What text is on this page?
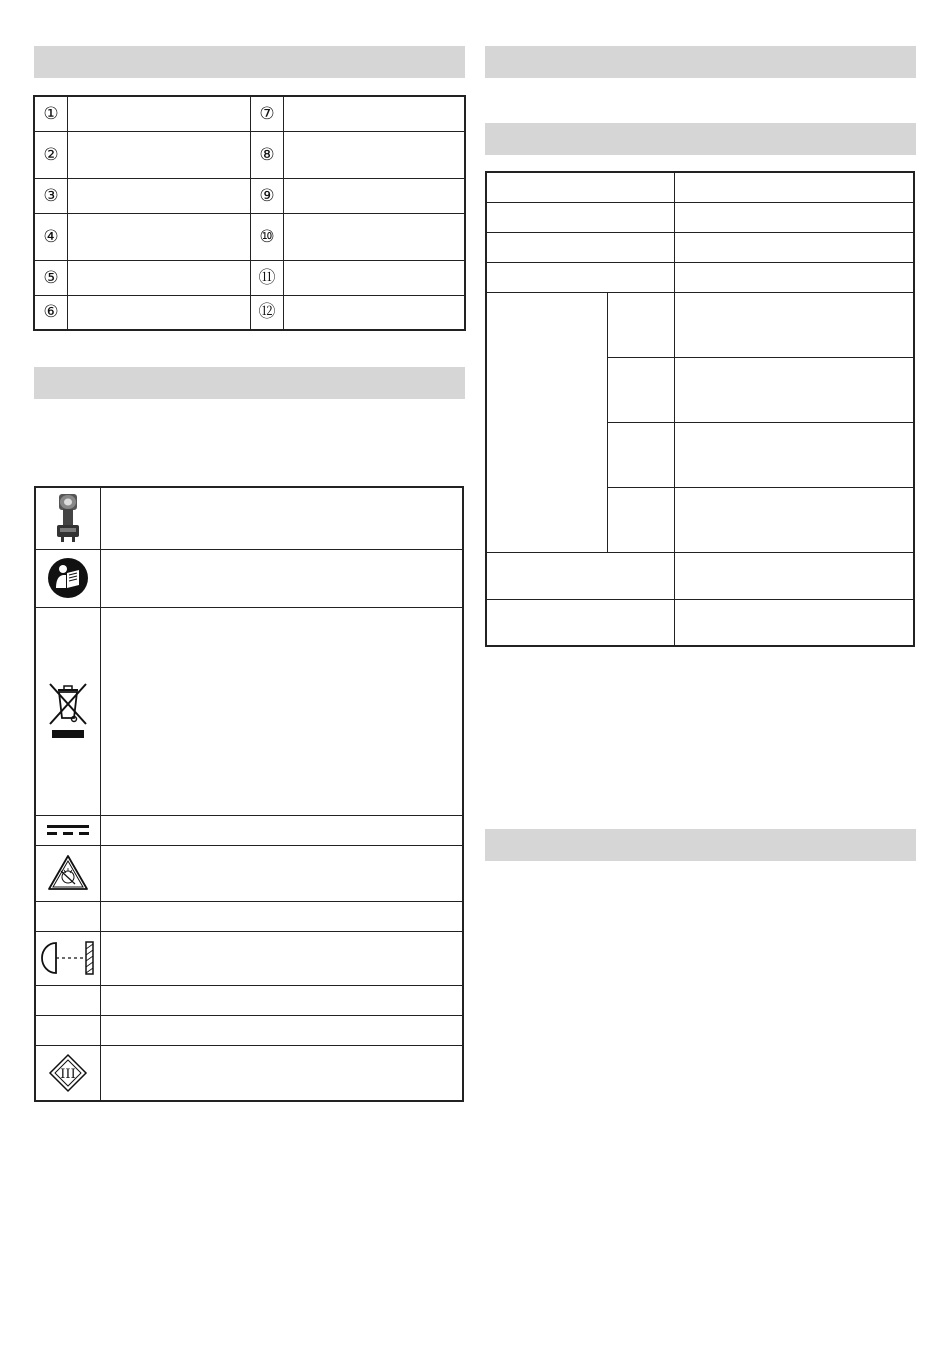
①		⑦	
②		⑧	
③		⑨	
④		⑩	
⑤		⑪	
⑥		⑫	

III	
